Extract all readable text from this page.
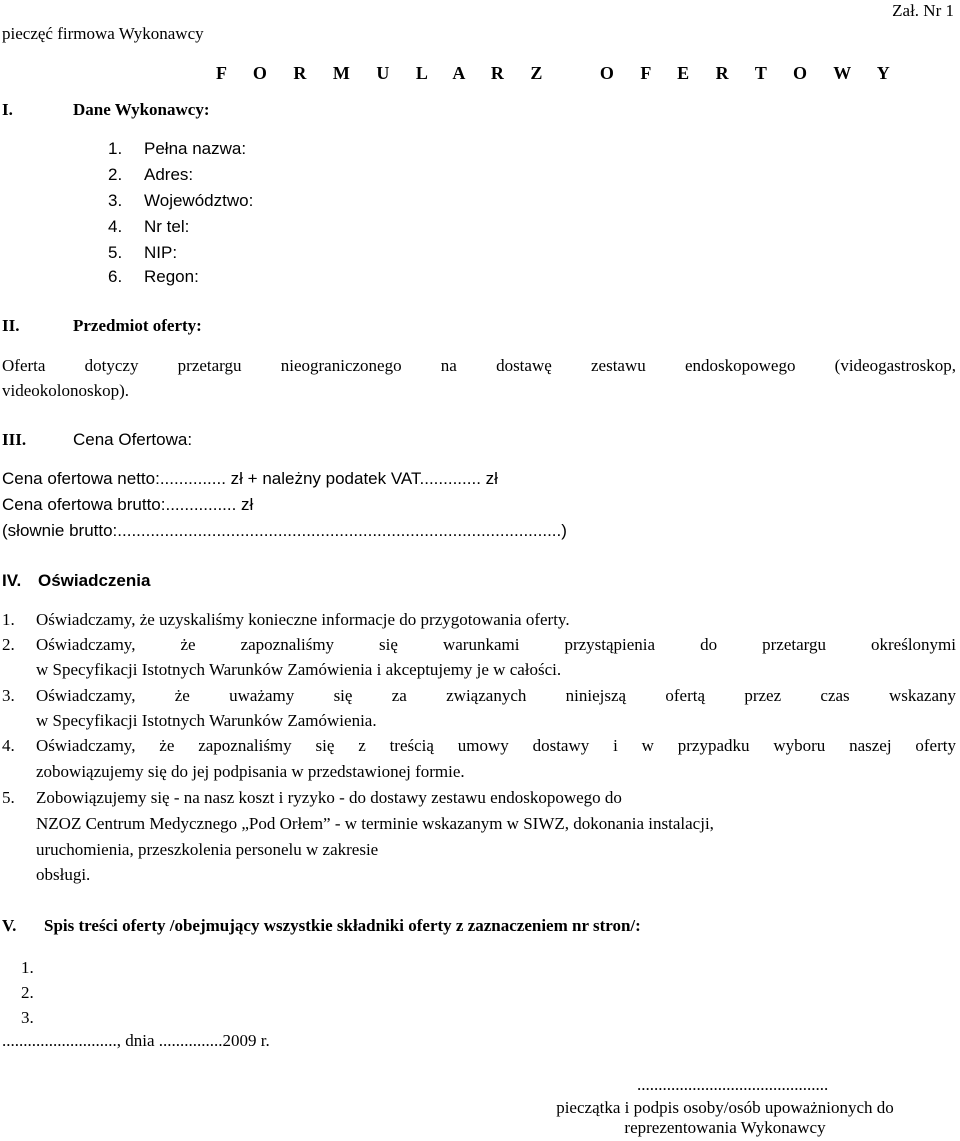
pieczęć firmowa Wykonawcy
Zał. Nr 1
F O R M U L A R Z   O F E R T O W Y
I.	Dane Wykonawcy:
1. Pełna nazwa:
2. Adres:
3. Województwo:
4. Nr tel:
5. NIP:
6. Regon:
II.	Przedmiot oferty:
Oferta dotyczy przetargu nieograniczonego na dostawę zestawu endoskopowego (videogastroskop,
videokolonoskop).
III.	Cena Ofertowa:
Cena ofertowa netto:.............. zł + należny podatek VAT............. zł
Cena ofertowa brutto:............... zł
(słownie brutto:..............................................................................................)
IV. Oświadczenia
1. Oświadczamy, że uzyskaliśmy konieczne informacje do przygotowania oferty.
2. Oświadczamy, że zapoznaliśmy się warunkami przystąpienia do przetargu określonymi
w Specyfikacji Istotnych Warunków Zamówienia i akceptujemy je w całości.
3. Oświadczamy, że uważamy się za związanych niniejszą ofertą przez czas wskazany
w Specyfikacji Istotnych Warunków Zamówienia.
4. Oświadczamy, że zapoznaliśmy się z treścią umowy dostawy i w przypadku wyboru naszej oferty
zobowiązujemy się do jej podpisania w przedstawionej formie.
5. Zobowiązujemy się - na nasz koszt i ryzyko - do dostawy zestawu endoskopowego do
NZOZ Centrum Medycznego „Pod Orłem” - w terminie wskazanym w SIWZ, dokonania instalacji,
uruchomienia, przeszkolenia personelu w zakresie
obsługi.
V. Spis treści oferty /obejmujący wszystkie składniki oferty z zaznaczeniem nr stron/:
1.
2.
3.
..........................., dnia ...............2009 r.
.............................................
pieczątka i podpis osoby/osób upoważnionych do
reprezentowania Wykonawcy
